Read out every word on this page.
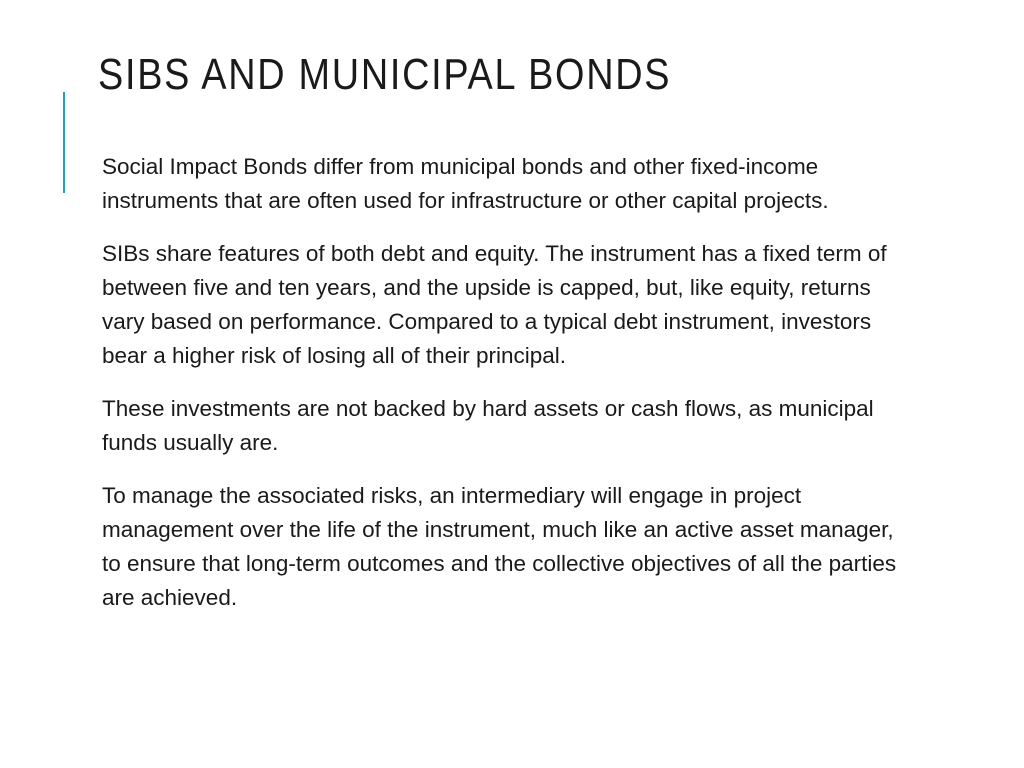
SIBS AND MUNICIPAL BONDS

Social Impact Bonds differ from municipal bonds and other fixed-income instruments that are often used for infrastructure or other capital projects.

SIBs share features of both debt and equity. The instrument has a fixed term of between five and ten years, and the upside is capped, but, like equity, returns vary based on performance. Compared to a typical debt instrument, investors bear a higher risk of losing all of their principal.

These investments are not backed by hard assets or cash flows, as municipal funds usually are.

To manage the associated risks, an intermediary will engage in project management over the life of the instrument, much like an active asset manager, to ensure that long-term outcomes and the collective objectives of all the parties are achieved.
